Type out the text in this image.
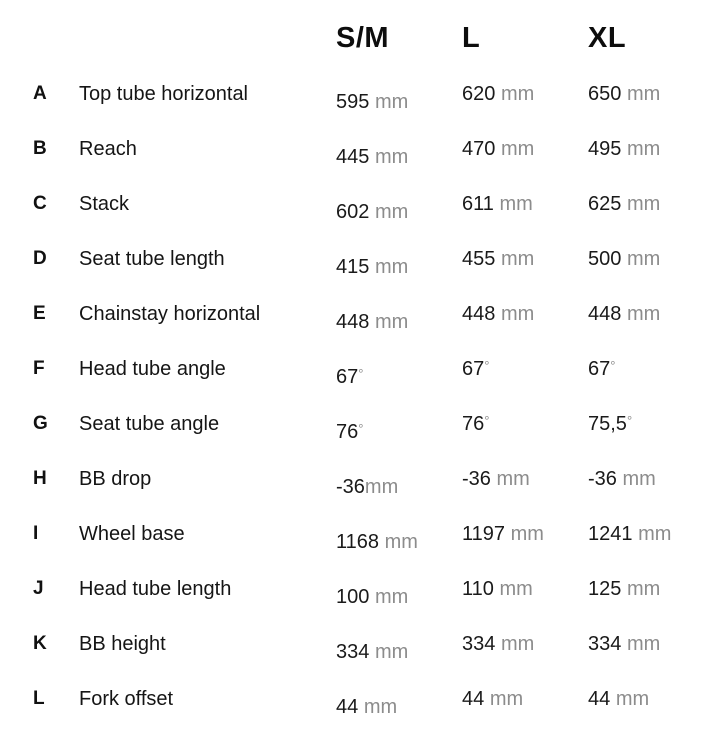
S/M	L	XL
A Top tube horizontal	595 mm	620 mm	650 mm
B Reach	445 mm	470 mm	495 mm
C Stack	602 mm	611 mm	625 mm
D Seat tube length	415 mm	455 mm	500 mm
E Chainstay horizontal	448 mm	448 mm	448 mm
F Head tube angle	67°	67°	67°
G Seat tube angle	76°	76°	75,5°
H BB drop	-36mm	-36 mm	-36 mm
I Wheel base	1168 mm 1197 mm 1241 mm
J Head tube length	100 mm	110 mm	125 mm
K BB height	334 mm	334 mm	334 mm
L Fork offset	44 mm	44 mm	44 mm
